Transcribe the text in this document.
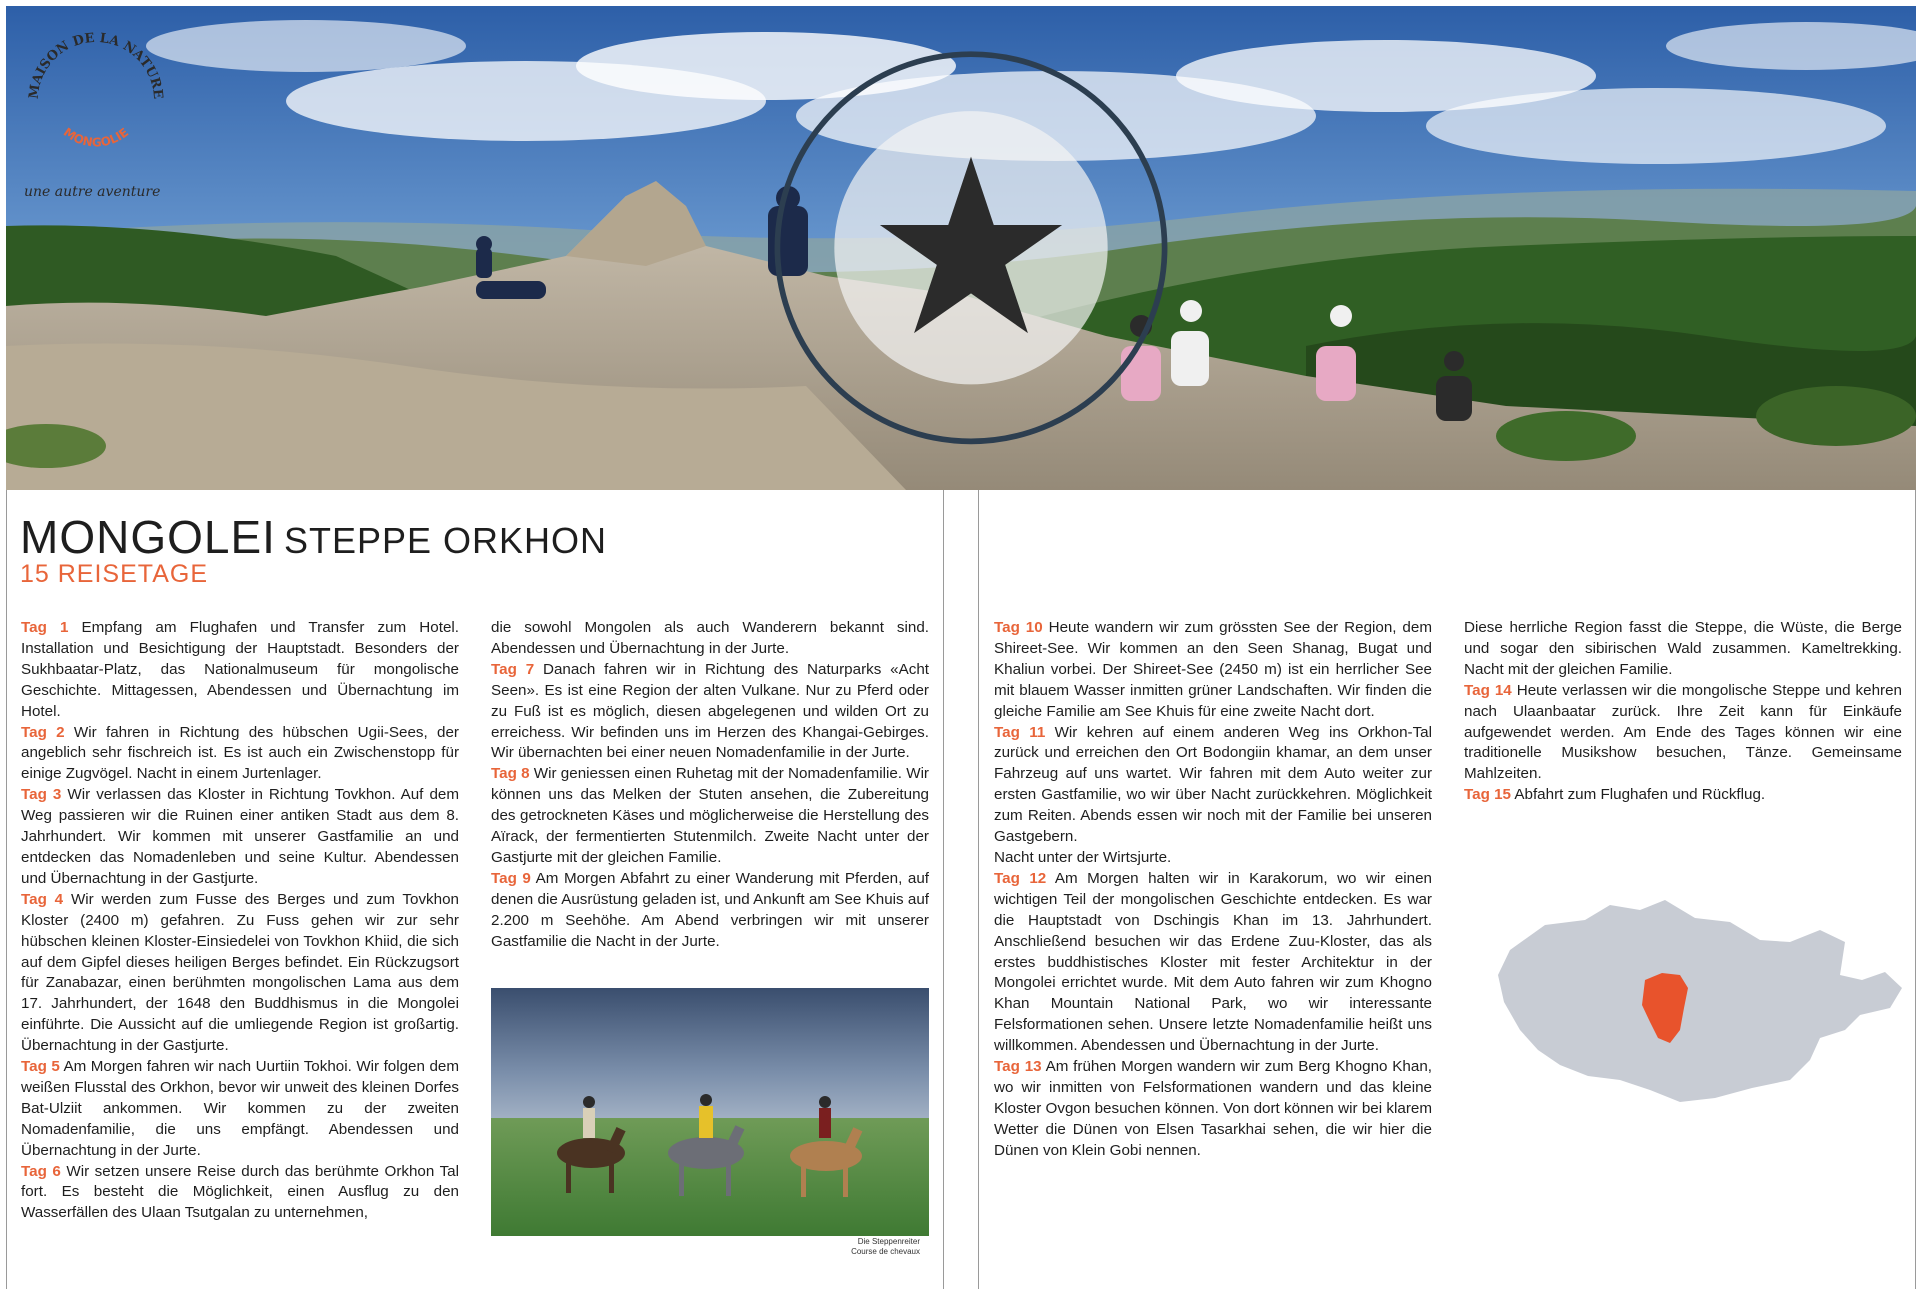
MAISON DE LA NATURE
MONGOLIE
une autre aventure
MONGOLEI STEPPE ORKHON
15 REISETAGE

Tag 1 Empfang am Flughafen und Transfer zum Hotel. Installation und Besichtigung der Hauptstadt. Besonders der Sukhbaatar-Platz, das Nationalmuseum für mongolische Geschichte. Mittagessen, Abendessen und Übernachtung im Hotel.

Tag 2 Wir fahren in Richtung des hübschen Ugii-Sees, der angeblich sehr fischreich ist. Es ist auch ein Zwischenstopp für einige Zugvögel. Nacht in einem Jurtenlager.

Tag 3 Wir verlassen das Kloster in Richtung Tovkhon. Auf dem Weg passieren wir die Ruinen einer antiken Stadt aus dem 8. Jahrhundert. Wir kommen mit unserer Gastfamilie an und entdecken das Nomadenleben und seine Kultur. Abendessen und Übernachtung in der Gastjurte.

Tag 4 Wir werden zum Fusse des Berges und zum Tovkhon Kloster (2400 m) gefahren. Zu Fuss gehen wir zur sehr hübschen kleinen Kloster-Einsiedelei von Tovkhon Khiid, die sich auf dem Gipfel dieses heiligen Berges befindet. Ein Rückzugsort für Zanabazar, einen berühmten mongolischen Lama aus dem 17. Jahrhundert, der 1648 den Buddhismus in die Mongolei einführte. Die Aussicht auf die umliegende Region ist großartig. Übernachtung in der Gastjurte.

Tag 5 Am Morgen fahren wir nach Uurtiin Tokhoi. Wir folgen dem weißen Flusstal des Orkhon, bevor wir unweit des kleinen Dorfes Bat-Ulziit ankommen. Wir kommen zu der zweiten Nomadenfamilie, die uns empfängt. Abendessen und Übernachtung in der Jurte.

Tag 6 Wir setzen unsere Reise durch das berühmte Orkhon Tal fort. Es besteht die Möglichkeit, einen Ausflug zu den Wasserfällen des Ulaan Tsutgalan zu unternehmen,

die sowohl Mongolen als auch Wanderern bekannt sind. Abendessen und Übernachtung in der Jurte.

Tag 7 Danach fahren wir in Richtung des Naturparks «Acht Seen». Es ist eine Region der alten Vulkane. Nur zu Pferd oder zu Fuß ist es möglich, diesen abgelegenen und wilden Ort zu erreichess. Wir befinden uns im Herzen des Khangai-Gebirges. Wir übernachten bei einer neuen Nomadenfamilie in der Jurte.

Tag 8 Wir geniessen einen Ruhetag mit der Nomadenfamilie. Wir können uns das Melken der Stuten ansehen, die Zubereitung des getrockneten Käses und möglicherweise die Herstellung des Aïrack, der fermentierten Stutenmilch. Zweite Nacht unter der Gastjurte mit der gleichen Familie.

Tag 9 Am Morgen Abfahrt zu einer Wanderung mit Pferden, auf denen die Ausrüstung geladen ist, und Ankunft am See Khuis auf 2.200 m Seehöhe. Am Abend verbringen wir mit unserer Gastfamilie die Nacht in der Jurte.

Die Steppenreiter
Course de chevaux

Tag 10 Heute wandern wir zum grössten See der Region, dem Shireet-See. Wir kommen an den Seen Shanag, Bugat und Khaliun vorbei. Der Shireet-See (2450 m) ist ein herrlicher See mit blauem Wasser inmitten grüner Landschaften. Wir finden die gleiche Familie am See Khuis für eine zweite Nacht dort.

Tag 11 Wir kehren auf einem anderen Weg ins Orkhon-Tal zurück und erreichen den Ort Bodongiin khamar, an dem unser Fahrzeug auf uns wartet. Wir fahren mit dem Auto weiter zur ersten Gastfamilie, wo wir über Nacht zurückkehren. Möglichkeit zum Reiten. Abends essen wir noch mit der Familie bei unseren Gastgebern.

Nacht unter der Wirtsjurte.

Tag 12 Am Morgen halten wir in Karakorum, wo wir einen wichtigen Teil der mongolischen Geschichte entdecken. Es war die Hauptstadt von Dschingis Khan im 13. Jahrhundert. Anschließend besuchen wir das Erdene Zuu-Kloster, das als erstes buddhistisches Kloster mit fester Architektur in der Mongolei errichtet wurde. Mit dem Auto fahren wir zum Khogno Khan Mountain National Park, wo wir interessante Felsformationen sehen. Unsere letzte Nomadenfamilie heißt uns willkommen. Abendessen und Übernachtung in der Jurte.

Tag 13 Am frühen Morgen wandern wir zum Berg Khogno Khan, wo wir inmitten von Felsformationen wandern und das kleine Kloster Ovgon besuchen können. Von dort können wir bei klarem Wetter die Dünen von Elsen Tasarkhai sehen, die wir hier die Dünen von Klein Gobi nennen.

Diese herrliche Region fasst die Steppe, die Wüste, die Berge und sogar den sibirischen Wald zusammen. Kameltrekking. Nacht mit der gleichen Familie.

Tag 14 Heute verlassen wir die mongolische Steppe und kehren nach Ulaanbaatar zurück. Ihre Zeit kann für Einkäufe aufgewendet werden. Am Ende des Tages können wir eine traditionelle Musikshow besuchen, Tänze. Gemeinsame Mahlzeiten.

Tag 15 Abfahrt zum Flughafen und Rückflug.
